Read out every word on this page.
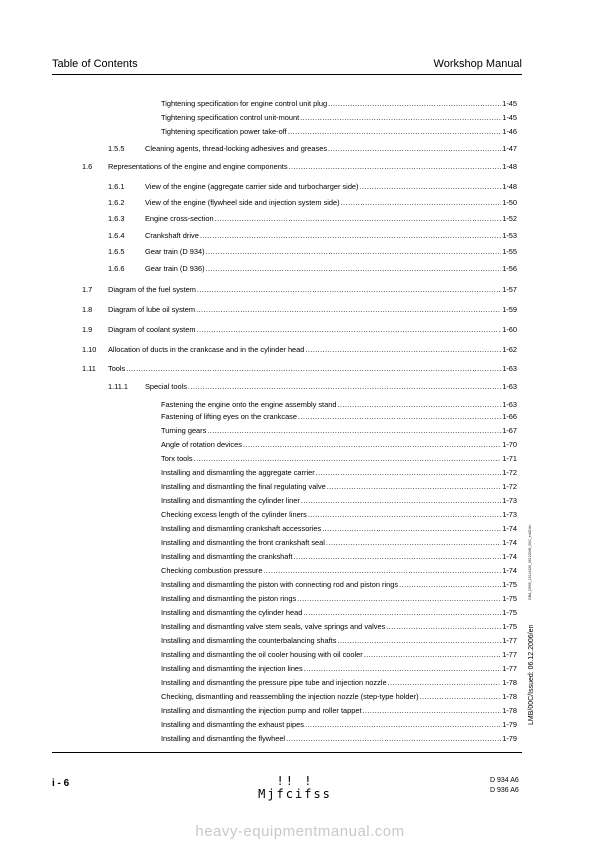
Table of Contents	Workshop Manual
Tightening specification for engine control unit plug .....	1-45
Tightening specification control unit-mount .....	1-45
Tightening specification power take-off .....	1-46
1.5.5	Cleaning agents, thread-locking adhesives and greases .....	1-47
1.6 Representations of the engine and engine components .....	1-48
1.6.1	View of the engine (aggregate carrier side and turbocharger side) .....	1-48
1.6.2	View of the engine (flywheel side and injection system side) .....	1-50
1.6.3	Engine cross-section .....	1-52
1.6.4	Crankshaft drive .....	1-53
1.6.5	Gear train (D 934) .....	1-55
1.6.6	Gear train (D 936) .....	1-56
1.7 Diagram of the fuel system .....	1-57
1.8 Diagram of lube oil system .....	1-59
1.9 Diagram of coolant system .....	1-60
1.10 Allocation of ducts in the crankcase and in the cylinder head .....	1-62
1.11 Tools .....	1-63
1.11.1 Special tools .....	1-63
Fastening the engine onto the engine assembly stand .....	1-63
Fastening of lifting eyes on the crankcase .....	1-66
Turning gears .....	1-67
Angle of rotation devices .....	1-70
Torx tools .....	1-71
Installing and dismantling the aggregate carrier .....	1-72
Installing and dismantling the final regulating valve .....	1-72
Installing and dismantling the cylinder liner .....	1-73
Checking excess length of the cylinder liners .....	1-73
Installing and dismantling crankshaft accessories .....	1-74
Installing and dismantling the front crankshaft seal .....	1-74
Installing and dismantling the crankshaft .....	1-74
Checking combustion pressure .....	1-74
Installing and dismantling the piston with connecting rod and piston rings .....	1-75
Installing and dismantling the piston rings .....	1-75
Installing and dismantling the cylinder head .....	1-75
Installing and dismantling valve stem seals, valve springs and valves .....	1-75
Installing and dismantling the counterbalancing shafts .....	1-77
Installing and dismantling the oil cooler housing with oil cooler .....	1-77
Installing and dismantling the injection lines .....	1-77
Installing and dismantling the pressure pipe tube and injection nozzle .....	1-78
Checking, dismantling and reassembling the injection nozzle (step-type holder) .....	1-78
Installing and dismantling the injection pump and roller tappet .....	1-78
Installing and dismantling the exhaust pipes .....	1-79
Installing and dismantling the flywheel .....	1-79
GBA_D936_15114426_06122006_00C_en02.fm
LMB/00C/Issued: 06.12.2006/en
i - 6	!! !
Mjfcifss
D 934 A6
D 936 A6
heavy-equipmentmanual.com
